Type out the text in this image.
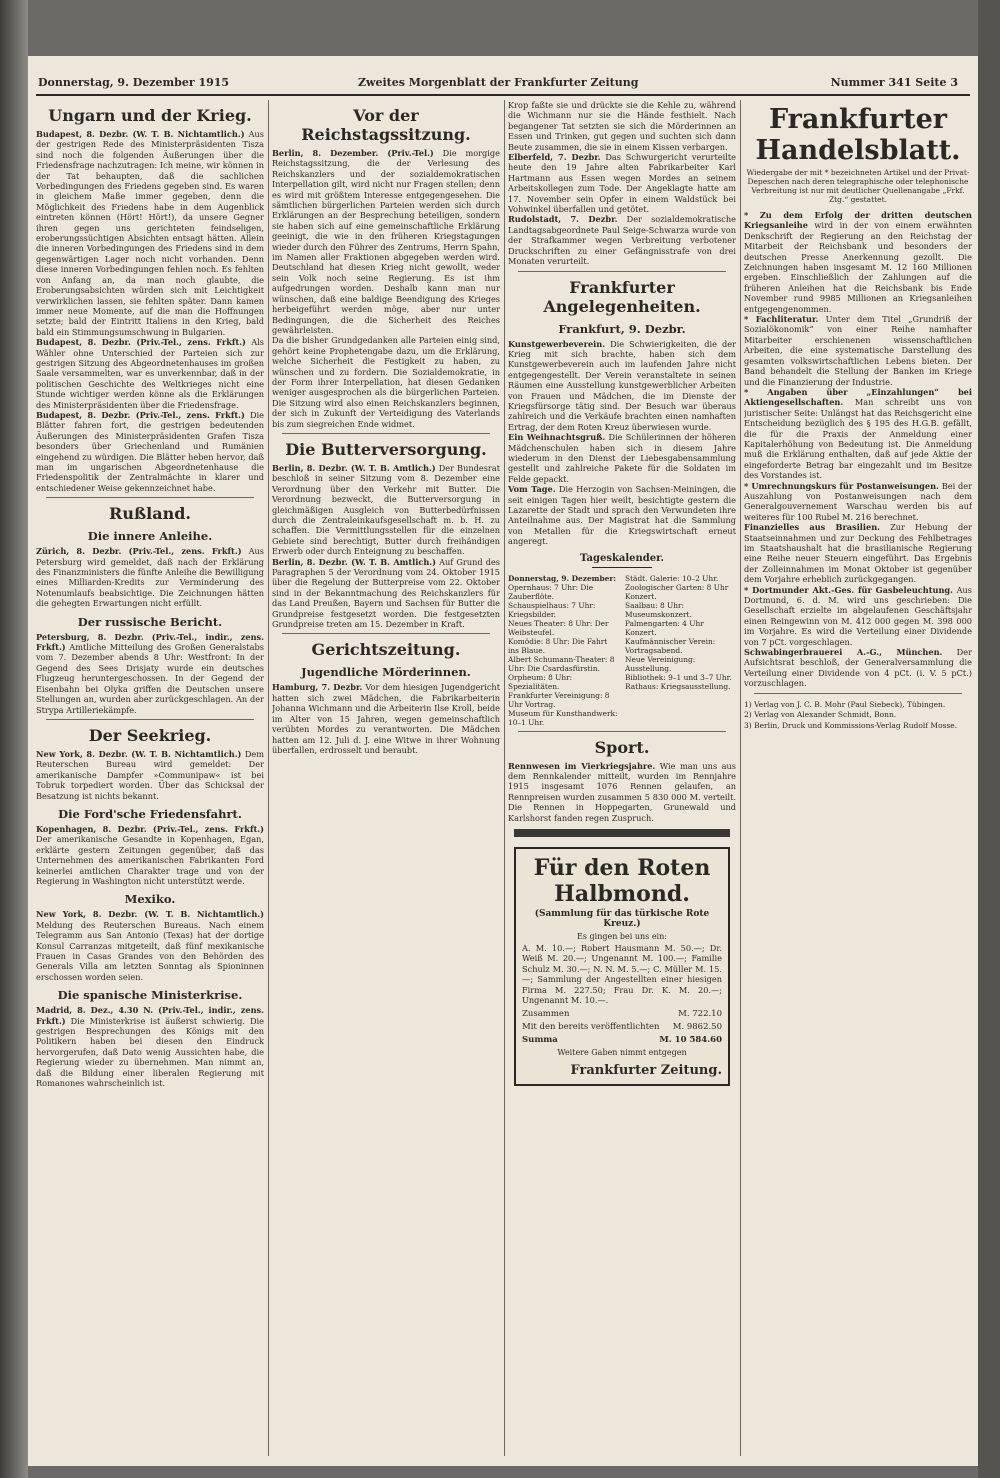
Donnerstag, 9. Dezember 1915	Zweites Morgenblatt der Frankfurter Zeitung	Nummer 341 Seite 3
Ungarn und der Krieg.

Budapest, 8. Dezbr. (W. T. B. Nichtamtlich.) Aus der gestrigen Rede des Ministerpräsidenten Tisza sind noch die folgenden Äußerungen über die Friedensfrage nachzutragen: Ich meine, wir können in der Tat behaupten, daß die sachlichen Vorbedingungen des Friedens gegeben sind. Es waren in gleichem Maße immer gegeben, denn die Möglichkeit des Friedens habe in dem Augenblick eintreten können (Hört! Hört!), da unsere Gegner ihren gegen uns gerichteten feindseligen, eroberungssüchtigen Absichten entsagt hätten. Allein die inneren Vorbedingungen des Friedens sind in dem gegenwärtigen Lager noch nicht vorhanden. Denn diese inneren Vorbedingungen fehlen noch. Es fehlten von Anfang an, da man noch glaubte, die Eroberungsabsichten würden sich mit Leichtigkeit verwirklichen lassen, sie fehlten später. Dann kamen immer neue Momente, auf die man die Hoffnungen setzte; bald der Eintritt Italiens in den Krieg, bald bald ein Stimmungsumschwung in Bulgarien.

Budapest, 8. Dezbr. (Priv.-Tel., zens. Frkft.) Als Wähler ohne Unterschied der Parteien sich zur gestrigen Sitzung des Abgeordnetenhauses im großen Saale versammelten, war es unverkennbar, daß in der politischen Geschichte des Weltkrieges nicht eine Stunde wichtiger werden könne als die Erklärungen des Ministerpräsidenten über die Friedensfrage.

Budapest, 8. Dezbr. (Priv.-Tel., zens. Frkft.) Die Blätter fahren fort, die gestrigen bedeutenden Äußerungen des Ministerpräsidenten Grafen Tisza besonders über Griechenland und Rumänien eingehend zu würdigen. Die Blätter heben hervor, daß man im ungarischen Abgeordnetenhause die Friedenspolitik der Zentralmächte in klarer und entschiedener Weise gekennzeichnet habe.

Rußland.
Die innere Anleihe.

Zürich, 8. Dezbr. (Priv.-Tel., zens. Frkft.) Aus Petersburg wird gemeldet, daß nach der Erklärung des Finanzministers die fünfte Anleihe die Bewilligung eines Milliarden-Kredits zur Verminderung des Notenumlaufs beabsichtige. Die Zeichnungen hätten die gehegten Erwartungen nicht erfüllt.

Der russische Bericht.

Petersburg, 8. Dezbr. (Priv.-Tel., indir., zens. Frkft.) Amtliche Mitteilung des Großen Generalstabs vom 7. Dezember abends 8 Uhr: Westfront: In der Gegend des Sees Drisjaty wurde ein deutsches Flugzeug heruntergeschossen. In der Gegend der Eisenbahn bei Olyka griffen die Deutschen unsere Stellungen an, wurden aber zurückgeschlagen. An der Strypa Artilleriekämpfe.

Der Seekrieg.

New York, 8. Dezbr. (W. T. B. Nichtamtlich.) Dem Reuterschen Bureau wird gemeldet: Der amerikanische Dampfer »Communipaw« ist bei Tobruk torpediert worden. Über das Schicksal der Besatzung ist nichts bekannt.

Die Ford'sche Friedensfahrt.

Kopenhagen, 8. Dezbr. (Priv.-Tel., zens. Frkft.) Der amerikanische Gesandte in Kopenhagen, Egan, erklärte gestern Zeitungen gegenüber, daß das Unternehmen des amerikanischen Fabrikanten Ford keinerlei amtlichen Charakter trage und von der Regierung in Washington nicht unterstützt werde.

Mexiko.

New York, 8. Dezbr. (W. T. B. Nichtamtlich.) Meldung des Reuterschen Bureaus. Nach einem Telegramm aus San Antonio (Texas) hat der dortige Konsul Carranzas mitgeteilt, daß fünf mexikanische Frauen in Casas Grandes von den Behörden des Generals Villa am letzten Sonntag als Spioninnen erschossen worden seien.

Die spanische Ministerkrise.

Madrid, 8. Dez., 4.30 N. (Priv.-Tel., indir., zens. Frkft.) Die Ministerkrise ist äußerst schwierig. Die gestrigen Besprechungen des Königs mit den Politikern haben bei diesen den Eindruck hervorgerufen, daß Dato wenig Aussichten habe, die Regierung wieder zu übernehmen. Man nimmt an, daß die Bildung einer liberalen Regierung mit Romanones wahrscheinlich ist.

Vor der Reichstagssitzung.

Berlin, 8. Dezember. (Priv.-Tel.) Die morgige Reichstagssitzung, die der Verlesung des Reichskanzlers und der sozialdemokratischen Interpellation gilt, wird nicht nur Fragen stellen; denn es wird mit größtem Interesse entgegengesehen. Die sämtlichen bürgerlichen Parteien werden sich durch Erklärungen an der Besprechung beteiligen, sondern sie haben sich auf eine gemeinschaftliche Erklärung geeinigt, die wie in den früheren Kriegstagungen wieder durch den Führer des Zentrums, Herrn Spahn, im Namen aller Fraktionen abgegeben werden wird. Deutschland hat diesen Krieg nicht gewollt, weder sein Volk noch seine Regierung. Es ist ihm aufgedrungen worden. Deshalb kann man nur wünschen, daß eine baldige Beendigung des Krieges herbeigeführt werden möge, aber nur unter Bedingungen, die die Sicherheit des Reiches gewährleisten.

Da die bisher Grundgedanken alle Parteien einig sind, gehört keine Prophetengabe dazu, um die Erklärung, welche Sicherheit die Festigkeit zu haben, zu wünschen und zu fordern. Die Sozialdemokratie, in der Form ihrer Interpellation, hat diesen Gedanken weniger ausgesprochen als die bürgerlichen Parteien. Die Sitzung wird also einen Reichskanzlers beginnen, der sich in Zukunft der Verteidigung des Vaterlands bis zum siegreichen Ende widmet.

Die Butterversorgung.

Berlin, 8. Dezbr. (W. T. B. Amtlich.) Der Bundesrat beschloß in seiner Sitzung vom 8. Dezember eine Verordnung über den Verkehr mit Butter. Die Verordnung bezweckt, die Butterversorgung in gleichmäßigen Ausgleich von Butterbedürfnissen durch die Zentraleinkaufsgesellschaft m. b. H. zu schaffen. Die Vermittlungsstellen für die einzelnen Gebiete sind berechtigt, Butter durch freihändigen Erwerb oder durch Enteignung zu beschaffen.

Berlin, 8. Dezbr. (W. T. B. Amtlich.) Auf Grund des Paragraphen 5 der Verordnung vom 24. Oktober 1915 über die Regelung der Butterpreise vom 22. Oktober sind in der Bekanntmachung des Reichskanzlers für das Land Preußen, Bayern und Sachsen für Butter die Grundpreise festgesetzt worden. Die festgesetzten Grundpreise treten am 15. Dezember in Kraft.

Gerichtszeitung.
Jugendliche Mörderinnen.

Hamburg, 7. Dezbr. Vor dem hiesigen Jugendgericht hatten sich zwei Mädchen, die Fabrikarbeiterin Johanna Wichmann und die Arbeiterin Ilse Kroll, beide im Alter von 15 Jahren, wegen gemeinschaftlich verübten Mordes zu verantworten. Die Mädchen hatten am 12. Juli d. J. eine Witwe in ihrer Wohnung überfallen, erdrosselt und beraubt.

Krop faßte sie und drückte sie die Kehle zu, während die Wichmann nur sie die Hände festhielt. Nach begangener Tat setzten sie sich die Mörderinnen an Essen und Trinken, gut gegen und suchten sich dann Beute zusammen, die sie in einem Kissen verbargen.

Elberfeld, 7. Dezbr. Das Schwurgericht verurteilte heute den 19 Jahre alten Fabrikarbeiter Karl Hartmann aus Essen wegen Mordes an seinem Arbeitskollegen zum Tode. Der Angeklagte hatte am 17. November sein Opfer in einem Waldstück bei Vohwinkel überfallen und getötet.

Rudolstadt, 7. Dezbr. Der sozialdemokratische Landtagsabgeordnete Paul Seige-Schwarza wurde von der Strafkammer wegen Verbreitung verbotener Druckschriften zu einer Gefängnisstrafe von drei Monaten verurteilt.

Frankfurter Angelegenheiten.
Frankfurt, 9. Dezbr.

Kunstgewerbeverein. Die Schwierigkeiten, die der Krieg mit sich brachte, haben sich dem Kunstgewerbeverein auch im laufenden Jahre nicht entgegengestellt. Der Verein veranstaltete in seinen Räumen eine Ausstellung kunstgewerblicher Arbeiten von Frauen und Mädchen, die im Dienste der Kriegsfürsorge tätig sind. Der Besuch war überaus zahlreich und die Verkäufe brachten einen namhaften Ertrag, der dem Roten Kreuz überwiesen wurde.

Ein Weihnachtsgruß. Die Schülerinnen der höheren Mädchenschulen haben sich in diesem Jahre wiederum in den Dienst der Liebesgabensammlung gestellt und zahlreiche Pakete für die Soldaten im Felde gepackt.

Vom Tage. Die Herzogin von Sachsen-Meiningen, die seit einigen Tagen hier weilt, besichtigte gestern die Lazarette der Stadt und sprach den Verwundeten ihre Anteilnahme aus. Der Magistrat hat die Sammlung von Metallen für die Kriegswirtschaft erneut angeregt.

Tageskalender.
Donnerstag, 9. Dezember:
Opernhaus: 7 Uhr: Die Zauberflöte.
Schauspielhaus: 7 Uhr: Kriegsbilder.
Neues Theater: 8 Uhr: Der Weibsteufel.
Komödie: 8 Uhr: Die Fahrt ins Blaue.
Albert Schumann-Theater: 8 Uhr: Die Csardasfürstin.
Orpheum: 8 Uhr: Spezialitäten.
Frankfurter Vereinigung: 8 Uhr Vortrag.
Museum für Kunsthandwerk: 10–1 Uhr.
Städt. Galerie: 10–2 Uhr.
Zoologischer Garten: 8 Uhr Konzert.
Saalbau: 8 Uhr: Museumskonzert.
Palmengarten: 4 Uhr Konzert.
Kaufmännischer Verein: Vortragsabend.
Neue Vereinigung: Ausstellung.
Bibliothek: 9–1 und 3–7 Uhr.
Rathaus: Kriegsausstellung.
Sport.

Rennwesen im Vierkriegsjahre. Wie man uns aus dem Rennkalender mitteilt, wurden im Rennjahre 1915 insgesamt 1076 Rennen gelaufen, an Rennpreisen wurden zusammen 5 830 000 M. verteilt. Die Rennen in Hoppegarten, Grunewald und Karlshorst fanden regen Zuspruch.

Für den Roten Halbmond.
(Sammlung für das türkische Rote Kreuz.)
Es gingen bei uns ein:

A. M. 10.—; Robert Hausmann M. 50.—; Dr. Weiß M. 20.—; Ungenannt M. 100.—; Familie Schulz M. 30.—; N. N. M. 5.—; C. Müller M. 15.—; Sammlung der Angestellten einer hiesigen Firma M. 227.50; Frau Dr. K. M. 20.—; Ungenannt M. 10.—.

Zusammen	M. 722.10
Mit den bereits veröffentlichten M. 9862.50
Summa	M. 10 584.60
Weitere Gaben nimmt entgegen
Frankfurter Zeitung.
Frankfurter Handelsblatt.
Wiedergabe der mit * bezeichneten Artikel und der Privat-Depeschen nach deren telegraphische oder telephonische Verbreitung ist nur mit deutlicher Quellenangabe „Frkf. Ztg.“ gestattet.

* Zu dem Erfolg der dritten deutschen Kriegsanleihe wird in der von einem erwähnten Denkschrift der Regierung an den Reichstag der Mitarbeit der Reichsbank und besonders der deutschen Presse Anerkennung gezollt. Die Zeichnungen haben insgesamt M. 12 160 Millionen ergeben. Einschließlich der Zahlungen auf die früheren Anleihen hat die Reichsbank bis Ende November rund 9985 Millionen an Kriegsanleihen entgegengenommen.

* Fachliteratur. Unter dem Titel „Grundriß der Sozialökonomik“ von einer Reihe namhafter Mitarbeiter erschienenen wissenschaftlichen Arbeiten, die eine systematische Darstellung des gesamten volkswirtschaftlichen Lebens bieten. Der Band behandelt die Stellung der Banken im Kriege und die Finanzierung der Industrie.

* Angaben über „Einzahlungen“ bei Aktiengesellschaften. Man schreibt uns von juristischer Seite: Unlängst hat das Reichsgericht eine Entscheidung bezüglich des § 195 des H.G.B. gefällt, die für die Praxis der Anmeldung einer Kapitalerhöhung von Bedeutung ist. Die Anmeldung muß die Erklärung enthalten, daß auf jede Aktie der eingeforderte Betrag bar eingezahlt und im Besitze des Vorstandes ist.

* Umrechnungskurs für Postanweisungen. Bei der Auszahlung von Postanweisungen nach dem Generalgouvernement Warschau werden bis auf weiteres für 100 Rubel M. 216 berechnet.

Finanzielles aus Brasilien. Zur Hebung der Staatseinnahmen und zur Deckung des Fehlbetrages im Staatshaushalt hat die brasilianische Regierung eine Reihe neuer Steuern eingeführt. Das Ergebnis der Zolleinnahmen im Monat Oktober ist gegenüber dem Vorjahre erheblich zurückgegangen.

* Dortmunder Akt.-Ges. für Gasbeleuchtung. Aus Dortmund, 6. d. M. wird uns geschrieben: Die Gesellschaft erzielte im abgelaufenen Geschäftsjahr einen Reingewinn von M. 412 000 gegen M. 398 000 im Vorjahre. Es wird die Verteilung einer Dividende von 7 pCt. vorgeschlagen.

Schwabingerbrauerei A.-G., München. Der Aufsichtsrat beschloß, der Generalversammlung die Verteilung einer Dividende von 4 pCt. (i. V. 5 pCt.) vorzuschlagen.

1) Verlag von J. C. B. Mohr (Paul Siebeck), Tübingen.
2) Verlag von Alexander Schmidt, Bonn.
3) Berlin, Druck und Kommissions-Verlag Rudolf Mosse.
